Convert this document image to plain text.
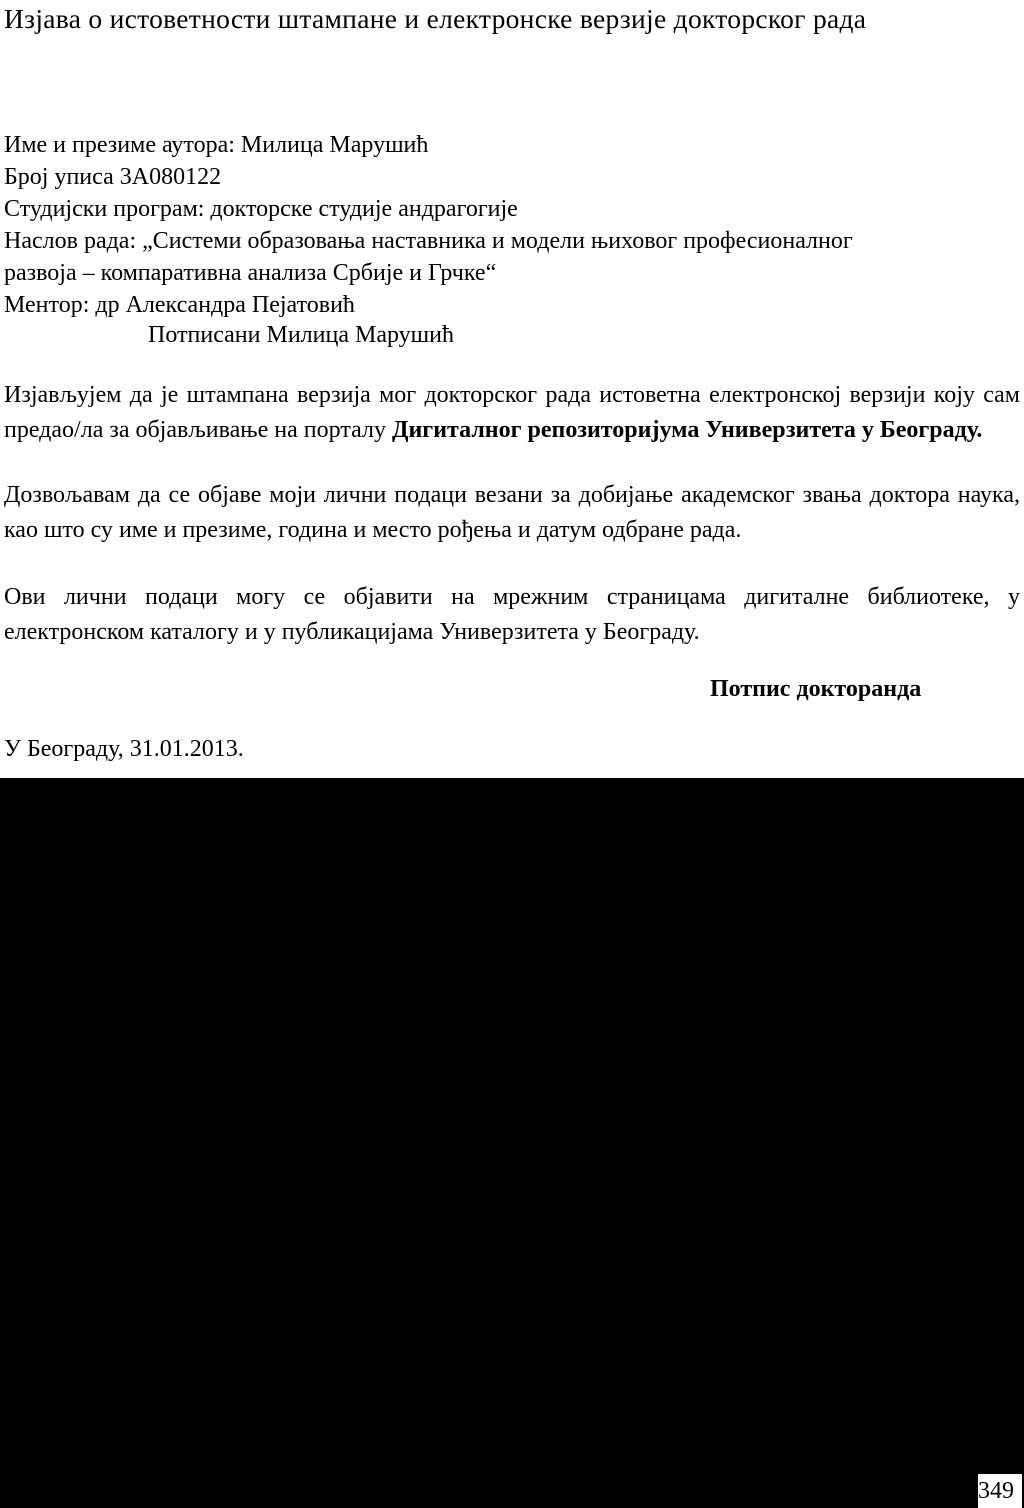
Изјава о истоветности штампане и електронске верзије докторског рада

Име и презиме аутора: Милица Марушић

Број уписа 3А080122

Студијски програм: докторске студије андрагогије

Наслов рада: „Системи образовања наставника и модели њиховог професионалног

развоја – компаративна анализа Србије и Грчке“

Ментор: др Александра Пејатовић

Потписани Милица Марушић

Изјављујем да је штампана верзија мог докторског рада истоветна електронској верзији коју сам предао/ла за објављивање на порталу Дигиталног репозиторијума Универзитета у Београду.

Дозвољавам да се објаве моји лични подаци везани за добијање академског звања доктора наука, као што су име и презиме, година и место рођења и датум одбране рада.

Ови лични подаци могу се објавити на мрежним страницама дигиталне библиотеке, у електронском каталогу и у публикацијама Универзитета у Београду.

Потпис докторанда

У Београду, 31.01.2013.

349
